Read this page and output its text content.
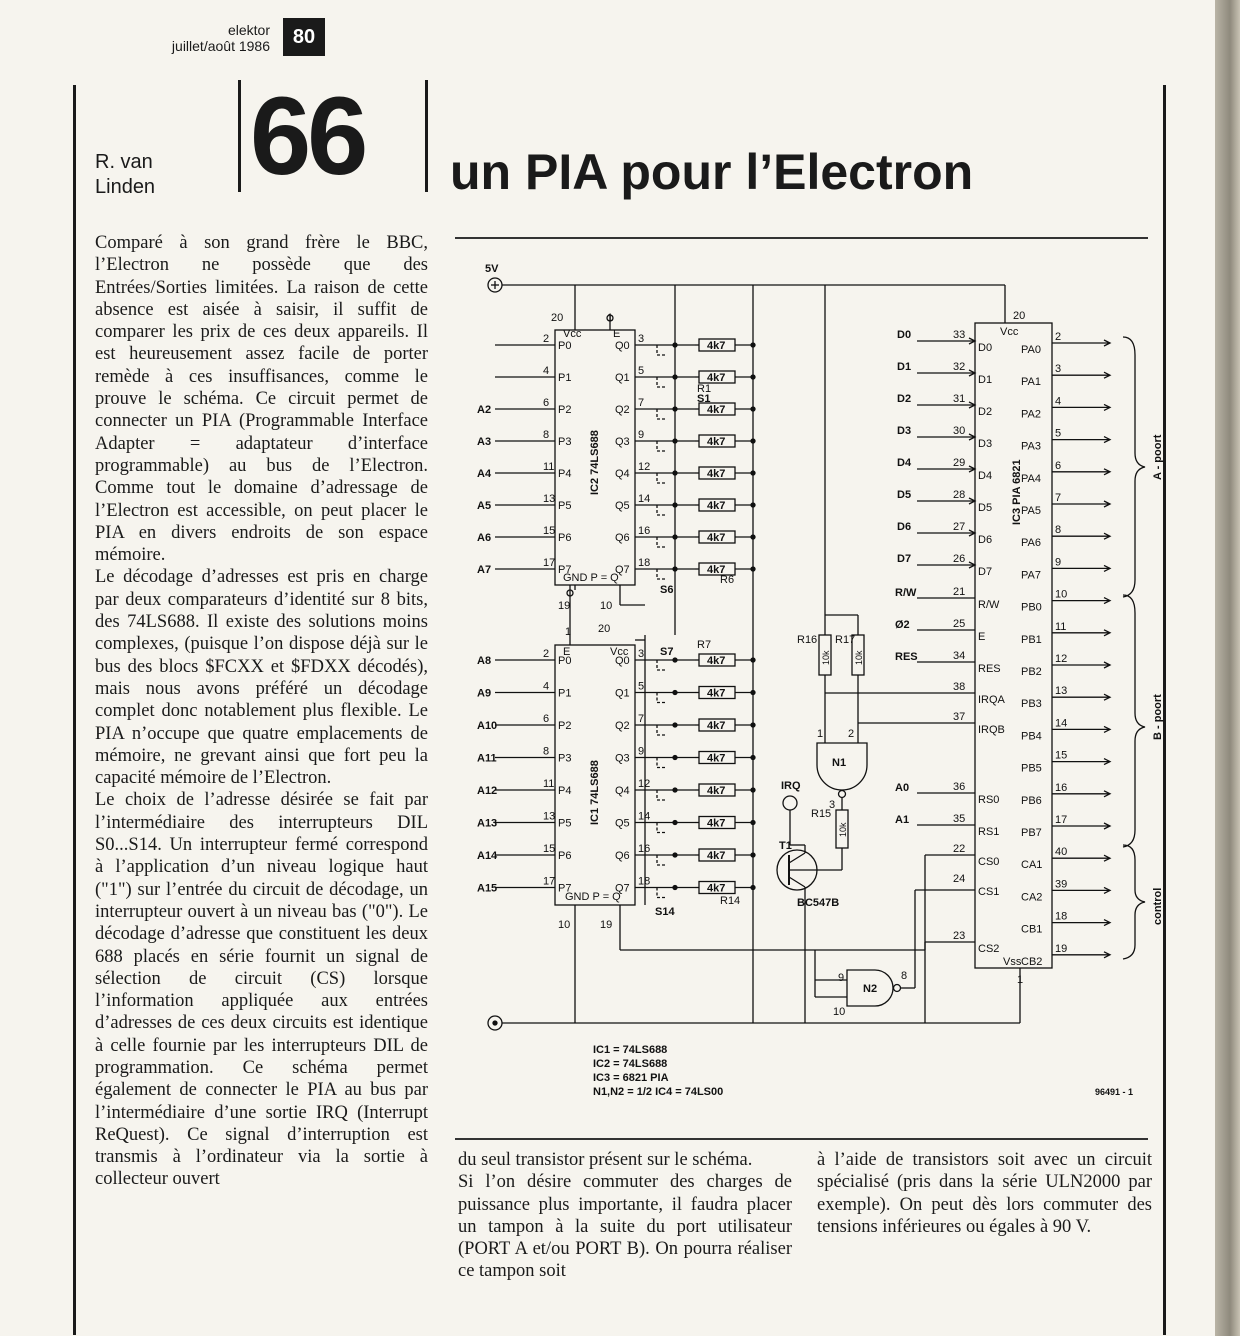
elektor
juillet/août 1986	80
R. van
Linden 66 un PIA pour l’Electron

Comparé à son grand frère le BBC, l’Electron ne possède que des Entrées/Sorties limitées. La raison de cette absence est aisée à saisir, il suffit de comparer les prix de ces deux appareils. Il est heureusement assez facile de porter remède à ces insuffisances, comme le prouve le schéma. Ce circuit permet de connecter un PIA (Programmable Interface Adapter = adaptateur d’interface programmable) au bus de l’Electron. Comme tout le domaine d’adressage de l’Electron est accessible, on peut placer le PIA en divers endroits de son espace mémoire.

Le décodage d’adresses est pris en charge par deux comparateurs d’identité sur 8 bits, des 74LS688. Il existe des solutions moins complexes, (puisque l’on dispose déjà sur le bus des blocs $FCXX et $FDXX décodés), mais nous avons préféré un décodage complet donc notablement plus flexible. Le PIA n’occupe que quatre emplacements de mémoire, ne grevant ainsi que fort peu la capacité mémoire de l’Electron.

Le choix de l’adresse désirée se fait par l’intermédiaire des interrupteurs DIL S0...S14. Un interrupteur fermé correspond à l’application d’un niveau logique haut ("1") sur l’entrée du circuit de décodage, un interrupteur ouvert à un niveau bas ("0"). Le décodage d’adresse que constituent les deux 688 placés en série fournit un signal de sélection de circuit (CS) lorsque l’information appliquée aux entrées d’adresses de ces deux circuits est identique à celle fournie par les interrupteurs DIL de programmation. Ce schéma permet également de connecter le PIA au bus par l’intermédiaire d’une sortie IRQ (Interrupt ReQuest). Ce signal d’interruption est transmis à l’ordinateur via la sortie à collecteur ouvert

du seul transistor présent sur le schéma.

Si l’on désire commuter des charges de puissance plus importante, il faudra placer un tampon à la suite du port utilisateur (PORT A et/ou PORT B). On pourra réaliser ce tampon soit

à l’aide de transistors soit avec un circuit spécialisé (pris dans la série ULN2000 par exemple). On peut dès lors commuter des tensions inférieures ou égales à 90 V.

5V
Vcc	E
GND P = Q
IC2 74LS688
20	1
10
19
2
P0	Q0
3
4
P1	Q1
5
6
P2
A2	Q2
7
8
P3
A3	Q3
9
11
P4
A4	Q4
12
13
P5
A5	Q5
14
15
P6
A6	Q6
16
17
P7
A7	Q7
18
E	Vcc
GND P = Q
IC1 74LS688
1 20
10	19
2
P0
A8	Q0
3
4
P1
A9	Q1
5
6
P2
A10	Q2
7
8
P3
A11	Q3
9
11
P4
A12	Q4
12
13
P5
A13	Q5
14
15
P6
A14	Q6
16
17
P7
A15	Q7
18
4k7
4k7
4k7
4k7
4k7
4k7
4k7
4k7
4k7
4k7
4k7
4k7
4k7
4k7
4k7
4k7
S1
S6
S7
S14
R1
R6
R7
R14
Vcc
Vss
20
1
IC3 PIA 6821
D0	33
D0
D1	32
D1
D2	31
D2
D3	30
D3
D4	29
D4
D5	28
D5
D6	27
D6
D7	26
D7
R/W	21
R/W
Ø2	25
E
RES	34
RES
38
IRQA
37
IRQB
A0	36
RS0
A1	35
RS1
22
CS0
24
CS1
23
CS2
2
PA0
3
PA1
4
PA2
5
PA3
6
PA4
7
PA5
8
PA6
9
PA7
10
PB0
11
PB1
12
PB2
13
PB3
14
PB4
15
PB5
16
PB6
17
PB7
40
CA1
39
CA2
18
CB1
19
CB2
A - poort
B - poort
control
R16
10k
R17
10k
N1
1 2
3
R15
10k
T1
BC547B
IRQ
N2
9
10
8
IC1 = 74LS688
IC2 = 74LS688
IC3 = 6821 PIA
N1,N2 = 1/2 IC4 = 74LS00	96491 - 1
